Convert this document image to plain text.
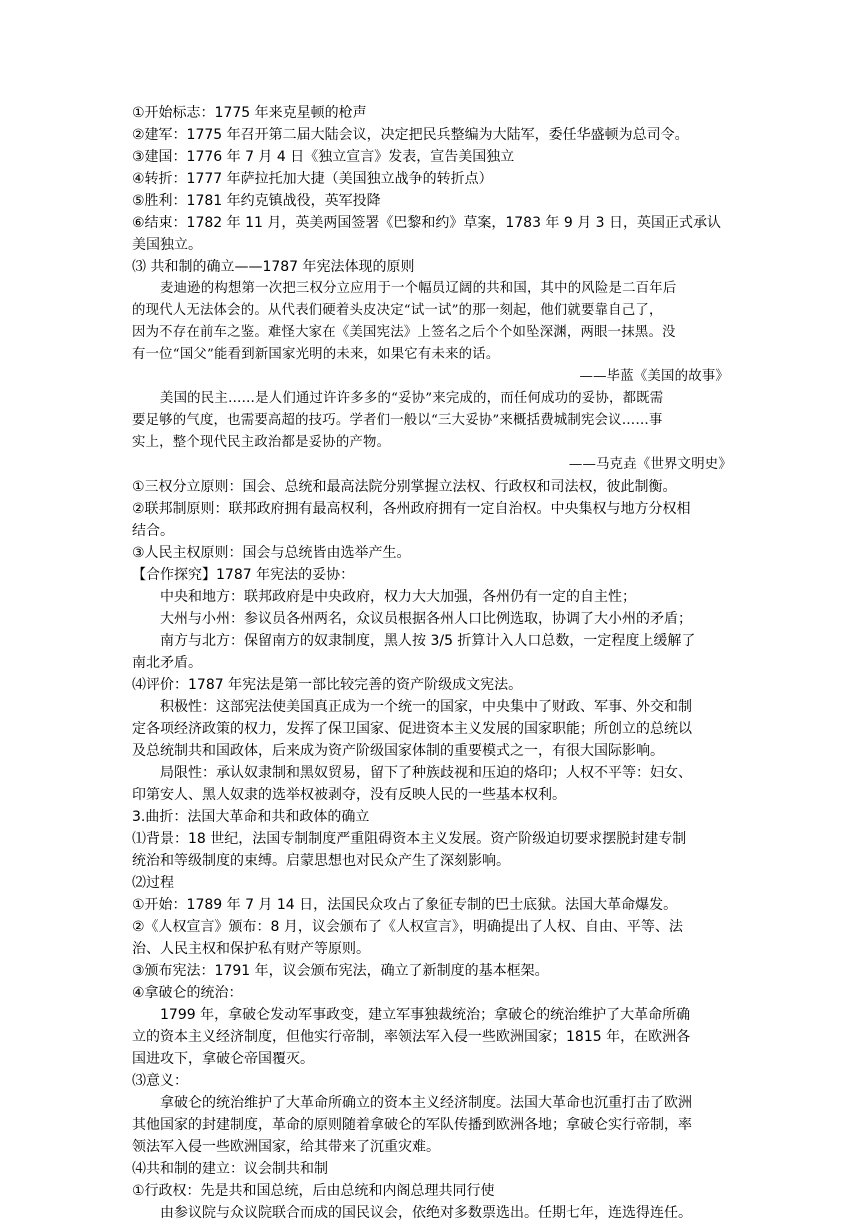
①开始标志：1775 年来克星顿的枪声
②建军：1775 年召开第二届大陆会议，决定把民兵整编为大陆军，委任华盛顿为总司令。
③建国：1776 年 7 月 4 日《独立宣言》发表，宣告美国独立
④转折：1777 年萨拉托加大捷（美国独立战争的转折点）
⑤胜利：1781 年约克镇战役，英军投降
⑥结束：1782 年 11 月，英美两国签署《巴黎和约》草案，1783 年 9 月 3 日，英国正式承认
美国独立。
⑶ 共和制的确立——1787 年宪法体现的原则
麦迪逊的构想第一次把三权分立应用于一个幅员辽阔的共和国，其中的风险是二百年后
的现代人无法体会的。从代表们硬着头皮决定“试一试”的那一刻起，他们就要靠自己了，
因为不存在前车之鉴。难怪大家在《美国宪法》上签名之后个个如坠深渊，两眼一抹黑。没
有一位“国父”能看到新国家光明的未来，如果它有未来的话。
——毕蓝《美国的故事》
美国的民主……是人们通过许许多多的“妥协”来完成的，而任何成功的妥协，都既需
要足够的气度，也需要高超的技巧。学者们一般以“三大妥协”来概括费城制宪会议……事
实上，整个现代民主政治都是妥协的产物。
——马克垚《世界文明史》
①三权分立原则：国会、总统和最高法院分别掌握立法权、行政权和司法权，彼此制衡。
②联邦制原则：联邦政府拥有最高权利，各州政府拥有一定自治权。中央集权与地方分权相
结合。
③人民主权原则：国会与总统皆由选举产生。
【合作探究】1787 年宪法的妥协：
中央和地方：联邦政府是中央政府，权力大大加强，各州仍有一定的自主性；
大州与小州：参议员各州两名，众议员根据各州人口比例选取，协调了大小州的矛盾；
南方与北方：保留南方的奴隶制度，黑人按 3/5 折算计入人口总数，一定程度上缓解了
南北矛盾。
⑷评价：1787 年宪法是第一部比较完善的资产阶级成文宪法。
积极性：这部宪法使美国真正成为一个统一的国家，中央集中了财政、军事、外交和制
定各项经济政策的权力，发挥了保卫国家、促进资本主义发展的国家职能；所创立的总统以
及总统制共和国政体，后来成为资产阶级国家体制的重要模式之一，有很大国际影响。
局限性：承认奴隶制和黑奴贸易，留下了种族歧视和压迫的烙印；人权不平等：妇女、
印第安人、黑人奴隶的选举权被剥夺，没有反映人民的一些基本权利。
3.曲折：法国大革命和共和政体的确立
⑴背景：18 世纪，法国专制制度严重阻碍资本主义发展。资产阶级迫切要求摆脱封建专制
统治和等级制度的束缚。启蒙思想也对民众产生了深刻影响。
⑵过程
①开始：1789 年 7 月 14 日，法国民众攻占了象征专制的巴士底狱。法国大革命爆发。
②《人权宣言》颁布：8 月，议会颁布了《人权宣言》，明确提出了人权、自由、平等、法
治、人民主权和保护私有财产等原则。
③颁布宪法：1791 年，议会颁布宪法，确立了新制度的基本框架。
④拿破仑的统治：
1799 年，拿破仑发动军事政变，建立军事独裁统治；拿破仑的统治维护了大革命所确
立的资本主义经济制度，但他实行帝制，率领法军入侵一些欧洲国家；1815 年，在欧洲各
国进攻下，拿破仑帝国覆灭。
⑶意义：
拿破仑的统治维护了大革命所确立的资本主义经济制度。法国大革命也沉重打击了欧洲
其他国家的封建制度，革命的原则随着拿破仑的军队传播到欧洲各地；拿破仑实行帝制，率
领法军入侵一些欧洲国家，给其带来了沉重灾难。
⑷共和制的建立：议会制共和制
①行政权：先是共和国总统，后由总统和内阁总理共同行使
由参议院与众议院联合而成的国民议会，依绝对多数票选出。任期七年，连选得连任。
